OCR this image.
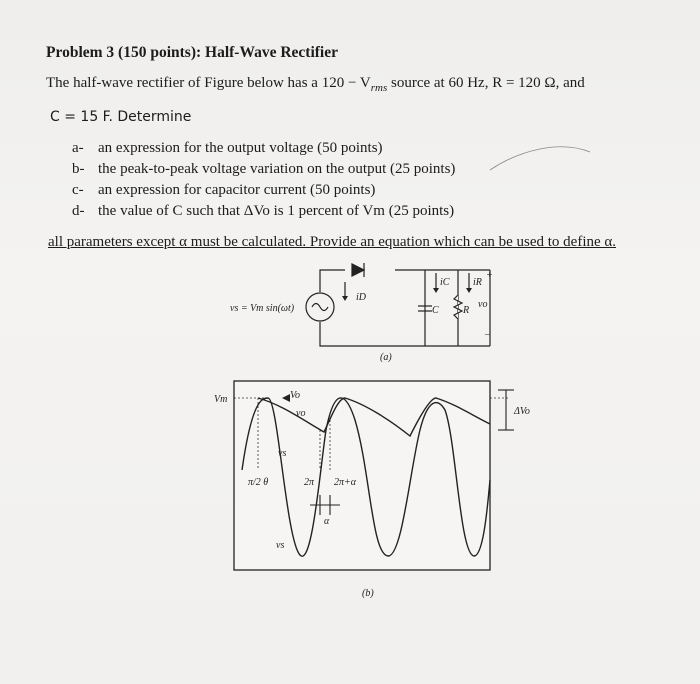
Problem 3 (150 points): Half-Wave Rectifier
The half-wave rectifier of Figure below has a $120 - V_{rms}$ source at 60 Hz, R = 120 Ω, and
C = 15 F. Determine
a- an expression for the output voltage (50 points)
b- the peak-to-peak voltage variation on the output (25 points)
c- an expression for capacitor current (50 points)
d- the value of C such that ΔVo is 1 percent of Vm (25 points)
all parameters except α must be calculated. Provide an equation which can be used to define α.
vs = Vm sin(ωt)
iD
iC iR
C R
vo
+
−
(a)
Vm	Vo
vo
vs
π/2 θ	2π 2π+α
α
vs
ΔVo
(b)
